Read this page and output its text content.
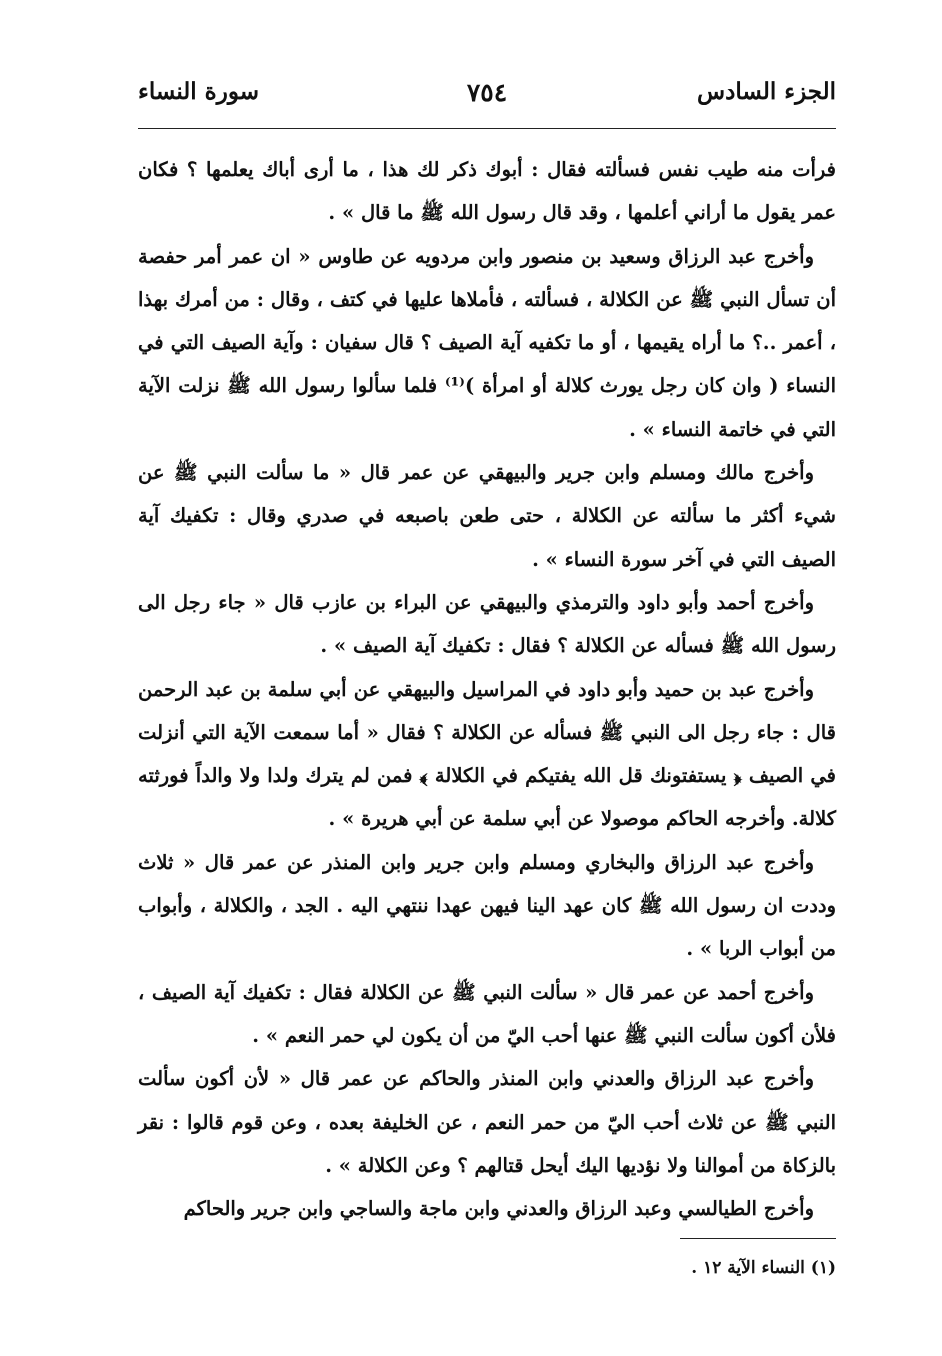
الجزء السادس
٧٥٤
سورة النساء

فرأت منه طيب نفس فسألته فقال : أبوك ذكر لك هذا ، ما أرى أباك يعلمها ؟ فكان عمر يقول ما أراني أعلمها ، وقد قال رسول الله ﷺ ما قال » .

وأخرج عبد الرزاق وسعيد بن منصور وابن مردويه عن طاوس « ان عمر أمر حفصة أن تسأل النبي ﷺ عن الكلالة ، فسألته ، فأملاها عليها في كتف ، وقال : من أمرك بهذا ، أعمر ..؟ ما أراه يقيمها ، أو ما تكفيه آية الصيف ؟ قال سفيان : وآية الصيف التي في النساء ( وان كان رجل يورث كلالة أو امرأة )⁽¹⁾ فلما سألوا رسول الله ﷺ نزلت الآية التي في خاتمة النساء » .

وأخرج مالك ومسلم وابن جرير والبيهقي عن عمر قال « ما سألت النبي ﷺ عن شيء أكثر ما سألته عن الكلالة ، حتى طعن باصبعه في صدري وقال : تكفيك آية الصيف التي في آخر سورة النساء » .

وأخرج أحمد وأبو داود والترمذي والبيهقي عن البراء بن عازب قال « جاء رجل الى رسول الله ﷺ فسأله عن الكلالة ؟ فقال : تكفيك آية الصيف » .

وأخرج عبد بن حميد وأبو داود في المراسيل والبيهقي عن أبي سلمة بن عبد الرحمن قال : جاء رجل الى النبي ﷺ فسأله عن الكلالة ؟ فقال « أما سمعت الآية التي أنزلت في الصيف ﴿ يستفتونك قل الله يفتيكم في الكلالة ﴾ فمن لم يترك ولدا ولا والداً فورثته كلالة. وأخرجه الحاكم موصولا عن أبي سلمة عن أبي هريرة » .

وأخرج عبد الرزاق والبخاري ومسلم وابن جرير وابن المنذر عن عمر قال « ثلاث وددت ان رسول الله ﷺ كان عهد الينا فيهن عهدا ننتهي اليه . الجد ، والكلالة ، وأبواب من أبواب الربا » .

وأخرج أحمد عن عمر قال « سألت النبي ﷺ عن الكلالة فقال : تكفيك آية الصيف ، فلأن أكون سألت النبي ﷺ عنها أحب اليّ من أن يكون لي حمر النعم » .

وأخرج عبد الرزاق والعدني وابن المنذر والحاكم عن عمر قال « لأن أكون سألت النبي ﷺ عن ثلاث أحب اليّ من حمر النعم ، عن الخليفة بعده ، وعن قوم قالوا : نقر بالزكاة من أموالنا ولا نؤديها اليك أيحل قتالهم ؟ وعن الكلالة » .

وأخرج الطيالسي وعبد الرزاق والعدني وابن ماجة والساجي وابن جرير والحاكم

(١) النساء الآية ١٢ .
